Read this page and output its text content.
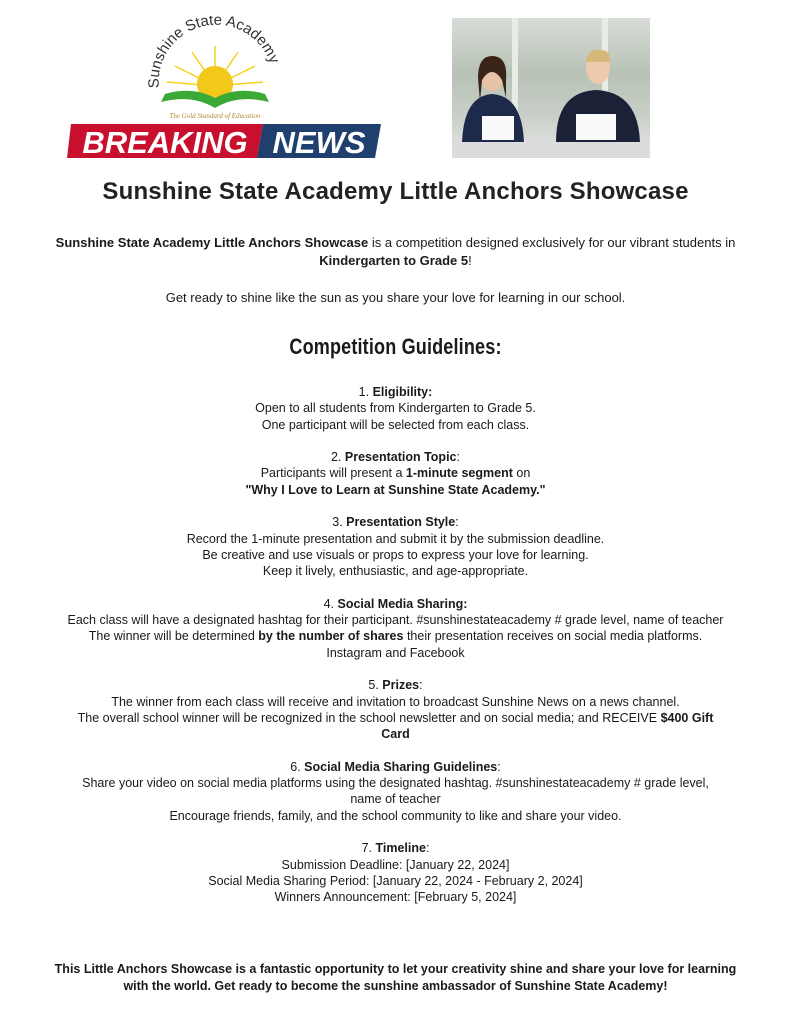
Sunshine State Academy
The Gold Standard of Education
BREAKING NEWS
Sunshine State Academy Little Anchors Showcase
Sunshine State Academy Little Anchors Showcase is a competition designed exclusively for our vibrant students in Kindergarten to Grade 5!
Get ready to shine like the sun as you share your love for learning in our school.
Competition Guidelines:
1. Eligibility:
Open to all students from Kindergarten to Grade 5.
One participant will be selected from each class.
2. Presentation Topic:
Participants will present a 1-minute segment on
"Why I Love to Learn at Sunshine State Academy."
3. Presentation Style:
Record the 1-minute presentation and submit it by the submission deadline.
Be creative and use visuals or props to express your love for learning.
Keep it lively, enthusiastic, and age-appropriate.
4. Social Media Sharing:
Each class will have a designated hashtag for their participant. #sunshinestateacademy # grade level, name of teacher
The winner will be determined by the number of shares their presentation receives on social media platforms.
Instagram and Facebook
5. Prizes:
The winner from each class will receive and invitation to broadcast Sunshine News on a news channel.
The overall school winner will be recognized in the school newsletter and on social media; and RECEIVE $400 Gift
Card
6. Social Media Sharing Guidelines:
Share your video on social media platforms using the designated hashtag. #sunshinestateacademy # grade level,
name of teacher
Encourage friends, family, and the school community to like and share your video.
7. Timeline:
Submission Deadline: [January 22, 2024]
Social Media Sharing Period: [January 22, 2024 - February 2, 2024]
Winners Announcement: [February 5, 2024]
This Little Anchors Showcase is a fantastic opportunity to let your creativity shine and share your love for learning
with the world. Get ready to become the sunshine ambassador of Sunshine State Academy!
